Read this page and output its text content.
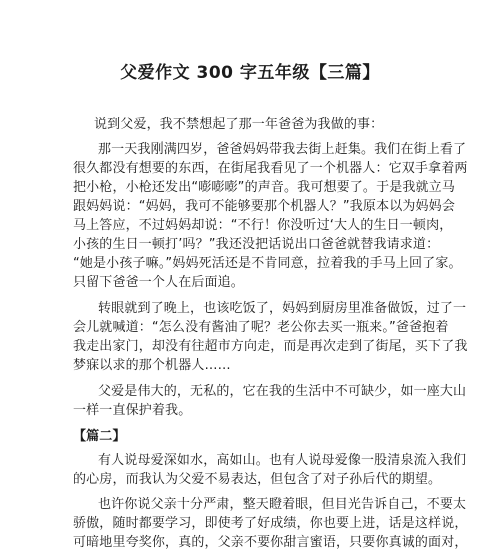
父爱作文 300 字五年级【三篇】
说到父爱，我不禁想起了那一年爸爸为我做的事：
那一天我刚满四岁，爸爸妈妈带我去街上赶集。我们在街上看了
很久都没有想要的东西，在街尾我看见了一个机器人：它双手拿着两
把小枪，小枪还发出“嘭嘭嘭”的声音。我可想要了。于是我就立马
跟妈妈说：“妈妈，我可不能够要那个机器人？”我原本以为妈妈会
马上答应，不过妈妈却说：“不行！你没听过‘大人的生日一顿肉，
小孩的生日一顿打’吗？”我还没把话说出口爸爸就替我请求道：
“她是小孩子嘛。”妈妈死活还是不肯同意，拉着我的手马上回了家。
只留下爸爸一个人在后面追。
转眼就到了晚上，也该吃饭了，妈妈到厨房里准备做饭，过了一
会儿就喊道：“怎么没有酱油了呢？老公你去买一瓶来。”爸爸抱着
我走出家门，却没有往超市方向走，而是再次走到了街尾，买下了我
梦寐以求的那个机器人……
父爱是伟大的，无私的，它在我的生活中不可缺少，如一座大山
一样一直保护着我。
【篇二】
有人说母爱深如水，高如山。也有人说母爱像一股清泉流入我们
的心房，而我认为父爱不易表达，但包含了对子孙后代的期望。
也许你说父亲十分严肃，整天瞪着眼，但目光告诉自己，不要太
骄傲，随时都要学习，即使考了好成绩，你也要上进，话是这样说，
可暗地里夸奖你，真的，父亲不要你甜言蜜语，只要你真诚的面对，
